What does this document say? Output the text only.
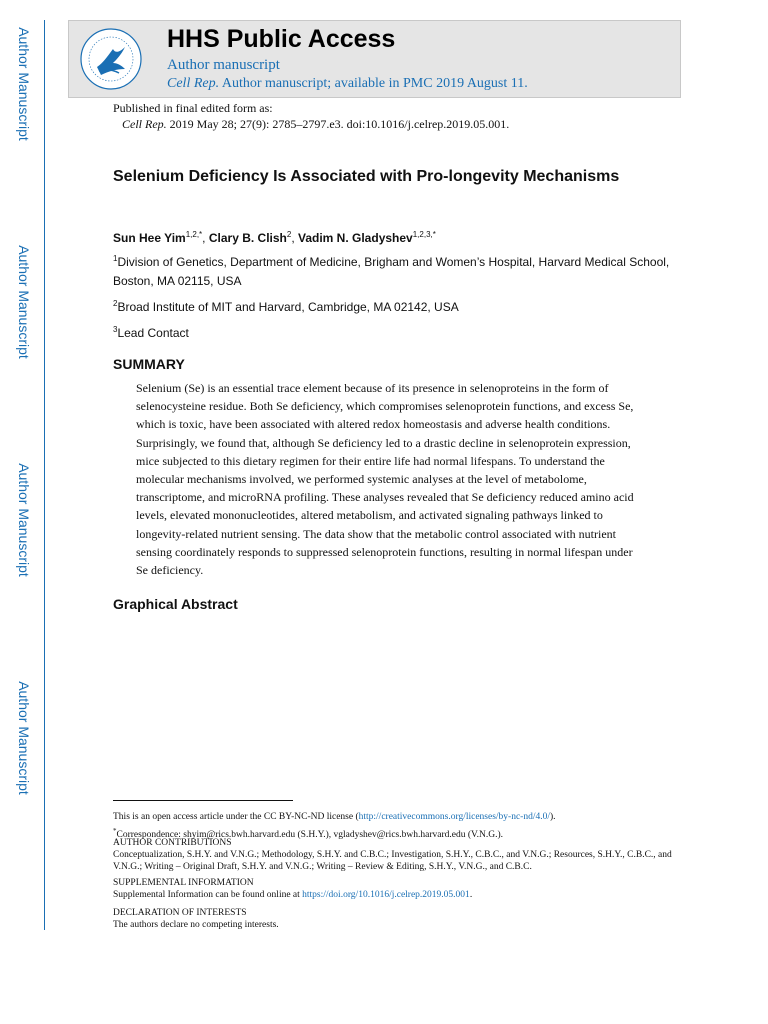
Author Manuscript
Author Manuscript
Author Manuscript
Author Manuscript
HHS Public Access
Author manuscript
Cell Rep. Author manuscript; available in PMC 2019 August 11.
Published in final edited form as:
Cell Rep. 2019 May 28; 27(9): 2785–2797.e3. doi:10.1016/j.celrep.2019.05.001.
Selenium Deficiency Is Associated with Pro-longevity Mechanisms
Sun Hee Yim$^{1,2,*}$, Clary B. Clish$^2$, Vadim N. Gladyshev$^{1,2,3,*}$
$^1$Division of Genetics, Department of Medicine, Brigham and Women’s Hospital, Harvard Medical School, Boston, MA 02115, USA
$^2$Broad Institute of MIT and Harvard, Cambridge, MA 02142, USA
$^3$Lead Contact
SUMMARY
Selenium (Se) is an essential trace element because of its presence in selenoproteins in the form of selenocysteine residue. Both Se deficiency, which compromises selenoprotein functions, and excess Se, which is toxic, have been associated with altered redox homeostasis and adverse health conditions. Surprisingly, we found that, although Se deficiency led to a drastic decline in selenoprotein expression, mice subjected to this dietary regimen for their entire life had normal lifespans. To understand the molecular mechanisms involved, we performed systemic analyses at the level of metabolome, transcriptome, and microRNA profiling. These analyses revealed that Se deficiency reduced amino acid levels, elevated mononucleotides, altered metabolism, and activated signaling pathways linked to longevity-related nutrient sensing. The data show that the metabolic control associated with nutrient sensing coordinately responds to suppressed selenoprotein functions, resulting in normal lifespan under Se deficiency.
Graphical Abstract
This is an open access article under the CC BY-NC-ND license (http://creativecommons.org/licenses/by-nc-nd/4.0/).
*Correspondence: shyim@rics.bwh.harvard.edu (S.H.Y.), vgladyshev@rics.bwh.harvard.edu (V.N.G.).
AUTHOR CONTRIBUTIONS
Conceptualization, S.H.Y. and V.N.G.; Methodology, S.H.Y. and C.B.C.; Investigation, S.H.Y., C.B.C., and V.N.G.; Resources, S.H.Y., C.B.C., and V.N.G.; Writing – Original Draft, S.H.Y. and V.N.G.; Writing – Review & Editing, S.H.Y., V.N.G., and C.B.C.
SUPPLEMENTAL INFORMATION
Supplemental Information can be found online at https://doi.org/10.1016/j.celrep.2019.05.001.
DECLARATION OF INTERESTS
The authors declare no competing interests.
